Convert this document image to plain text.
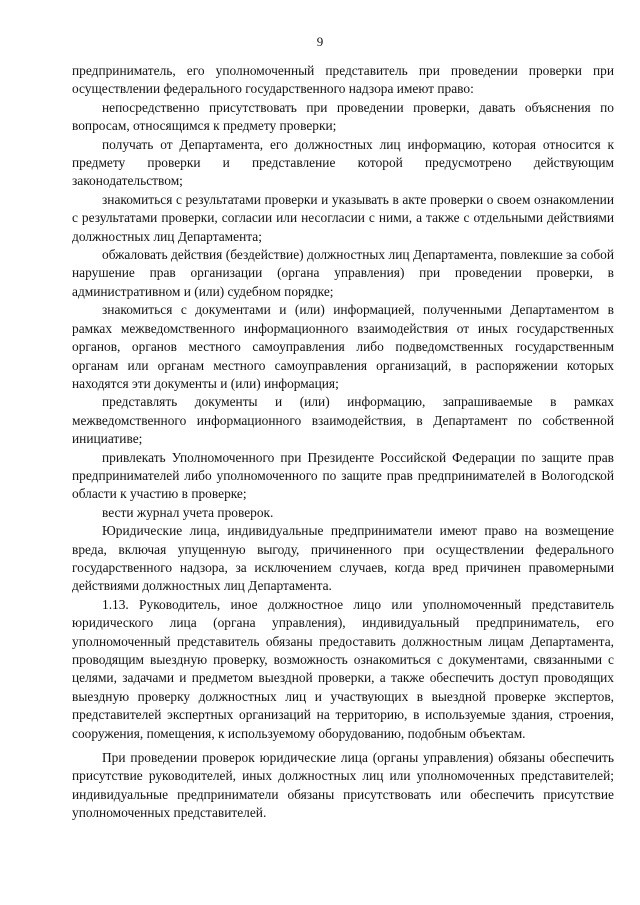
9

предприниматель, его уполномоченный представитель при проведении проверки при осуществлении федерального государственного надзора имеют право:

непосредственно присутствовать при проведении проверки, давать объяснения по вопросам, относящимся к предмету проверки;

получать от Департамента, его должностных лиц информацию, которая относится к предмету проверки и представление которой предусмотрено действующим законодательством;

знакомиться с результатами проверки и указывать в акте проверки о своем ознакомлении с результатами проверки, согласии или несогласии с ними, а также с отдельными действиями должностных лиц Департамента;

обжаловать действия (бездействие) должностных лиц Департамента, повлекшие за собой нарушение прав организации (органа управления) при проведении проверки, в административном и (или) судебном порядке;

знакомиться с документами и (или) информацией, полученными Департаментом в рамках межведомственного информационного взаимодействия от иных государственных органов, органов местного самоуправления либо подведомственных государственным органам или органам местного самоуправления организаций, в распоряжении которых находятся эти документы и (или) информация;

представлять документы и (или) информацию, запрашиваемые в рамках межведомственного информационного взаимодействия, в Департамент по собственной инициативе;

привлекать Уполномоченного при Президенте Российской Федерации по защите прав предпринимателей либо уполномоченного по защите прав предпринимателей в Вологодской области к участию в проверке;

вести журнал учета проверок.

Юридические лица, индивидуальные предприниматели имеют право на возмещение вреда, включая упущенную выгоду, причиненного при осуществлении федерального государственного надзора, за исключением случаев, когда вред причинен правомерными действиями должностных лиц Департамента.

1.13. Руководитель, иное должностное лицо или уполномоченный представитель юридического лица (органа управления), индивидуальный предприниматель, его уполномоченный представитель обязаны предоставить должностным лицам Департамента, проводящим выездную проверку, возможность ознакомиться с документами, связанными с целями, задачами и предметом выездной проверки, а также обеспечить доступ проводящих выездную проверку должностных лиц и участвующих в выездной проверке экспертов, представителей экспертных организаций на территорию, в используемые здания, строения, сооружения, помещения, к используемому оборудованию, подобным объектам.

При проведении проверок юридические лица (органы управления) обязаны обеспечить присутствие руководителей, иных должностных лиц или уполномоченных представителей; индивидуальные предприниматели обязаны присутствовать или обеспечить присутствие уполномоченных представителей.
